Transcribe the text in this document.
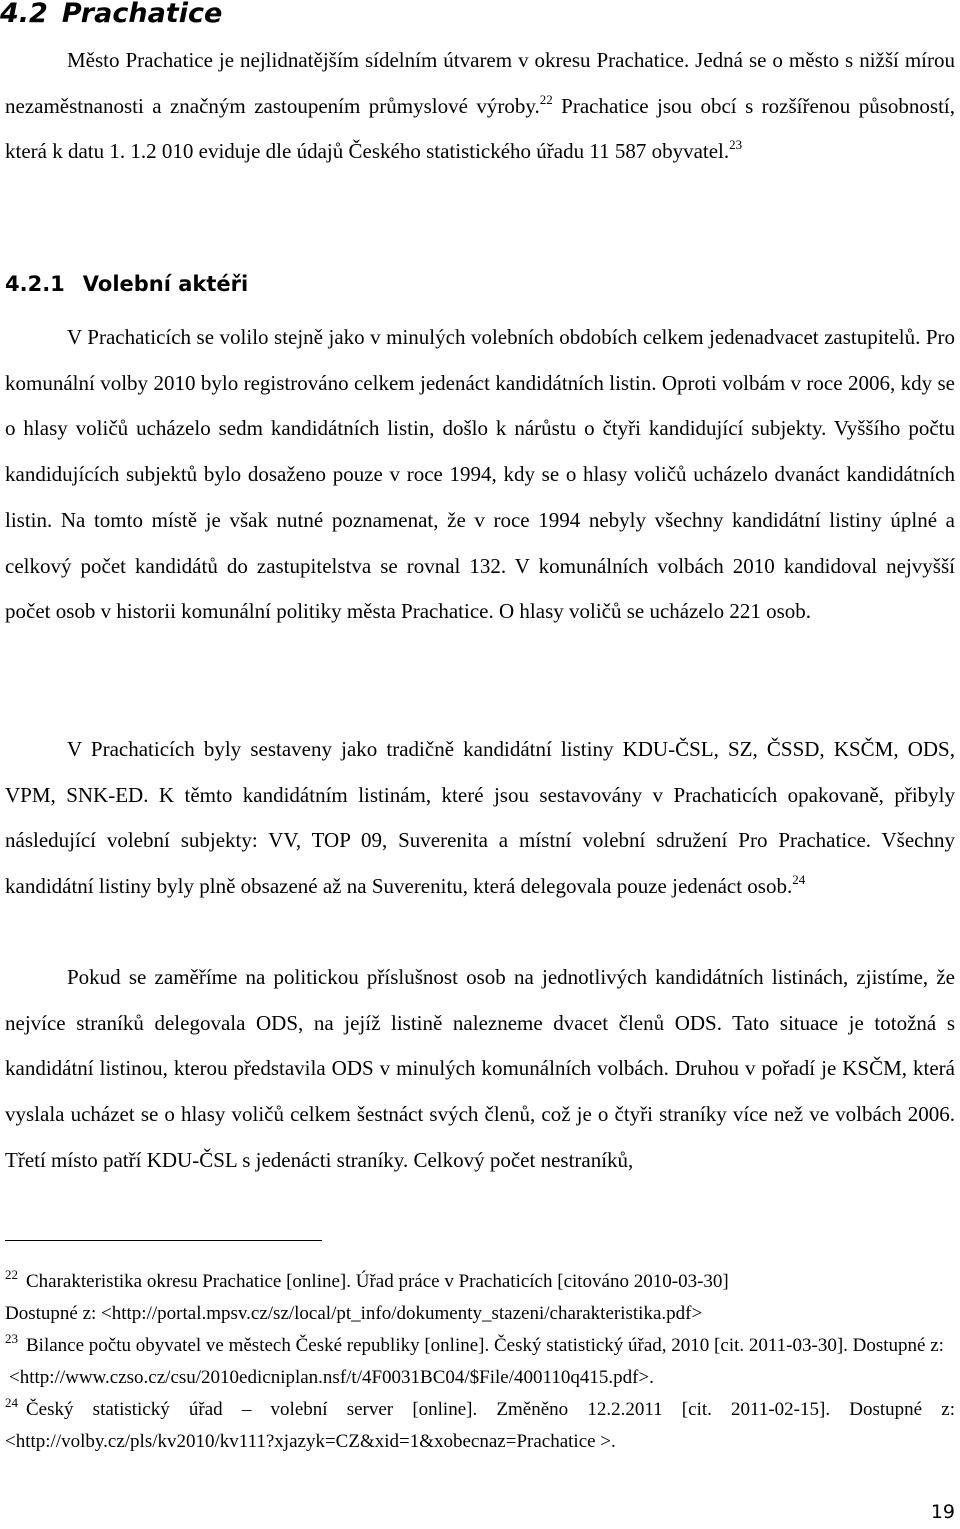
4.2 Prachatice

Město Prachatice je nejlidnatějším sídelním útvarem v okresu Prachatice. Jedná se o město s nižší mírou nezaměstnanosti a značným zastoupením průmyslové výroby.$^{22}$ Prachatice jsou obcí s rozšířenou působností, která k datu 1. 1.2 010 eviduje dle údajů Českého statistického úřadu 11 587 obyvatel.$^{23}$

4.2.1 Volební aktéři

V Prachaticích se volilo stejně jako v minulých volebních obdobích celkem jedenadvacet zastupitelů. Pro komunální volby 2010 bylo registrováno celkem jedenáct kandidátních listin. Oproti volbám v roce 2006, kdy se o hlasy voličů ucházelo sedm kandidátních listin, došlo k nárůstu o čtyři kandidující subjekty. Vyššího počtu kandidujících subjektů bylo dosaženo pouze v roce 1994, kdy se o hlasy voličů ucházelo dvanáct kandidátních listin. Na tomto místě je však nutné poznamenat, že v roce 1994 nebyly všechny kandidátní listiny úplné a celkový počet kandidátů do zastupitelstva se rovnal 132. V komunálních volbách 2010 kandidoval nejvyšší počet osob v historii komunální politiky města Prachatice. O hlasy voličů se ucházelo 221 osob.

V Prachaticích byly sestaveny jako tradičně kandidátní listiny KDU-ČSL, SZ, ČSSD, KSČM, ODS, VPM, SNK-ED. K těmto kandidátním listinám, které jsou sestavovány v Prachaticích opakovaně, přibyly následující volební subjekty: VV, TOP 09, Suverenita a místní volební sdružení Pro Prachatice. Všechny kandidátní listiny byly plně obsazené až na Suverenitu, která delegovala pouze jedenáct osob.$^{24}$

Pokud se zaměříme na politickou příslušnost osob na jednotlivých kandidátních listinách, zjistíme, že nejvíce straníků delegovala ODS, na jejíž listině nalezneme dvacet členů ODS. Tato situace je totožná s kandidátní listinou, kterou představila ODS v minulých komunálních volbách. Druhou v pořadí je KSČM, která vyslala ucházet se o hlasy voličů celkem šestnáct svých členů, což je o čtyři straníky více než ve volbách 2006. Třetí místo patří KDU-ČSL s jedenácti straníky. Celkový počet nestraníků,

$^{22}$ Charakteristika okresu Prachatice [online]. Úřad práce v Prachaticích [citováno 2010-03-30]

Dostupné z: <http://portal.mpsv.cz/sz/local/pt_info/dokumenty_stazeni/charakteristika.pdf>

$^{23}$ Bilance počtu obyvatel ve městech České republiky [online]. Český statistický úřad, 2010 [cit. 2011-03-30]. Dostupné z:

<http://www.czso.cz/csu/2010edicniplan.nsf/t/4F0031BC04/$File/400110q415.pdf>.

$^{24}$ Český statistický úřad – volební server [online]. Změněno 12.2.2011 [cit. 2011-02-15]. Dostupné z: <http://volby.cz/pls/kv2010/kv111?xjazyk=CZ&xid=1&xobecnaz=Prachatice >.

19
